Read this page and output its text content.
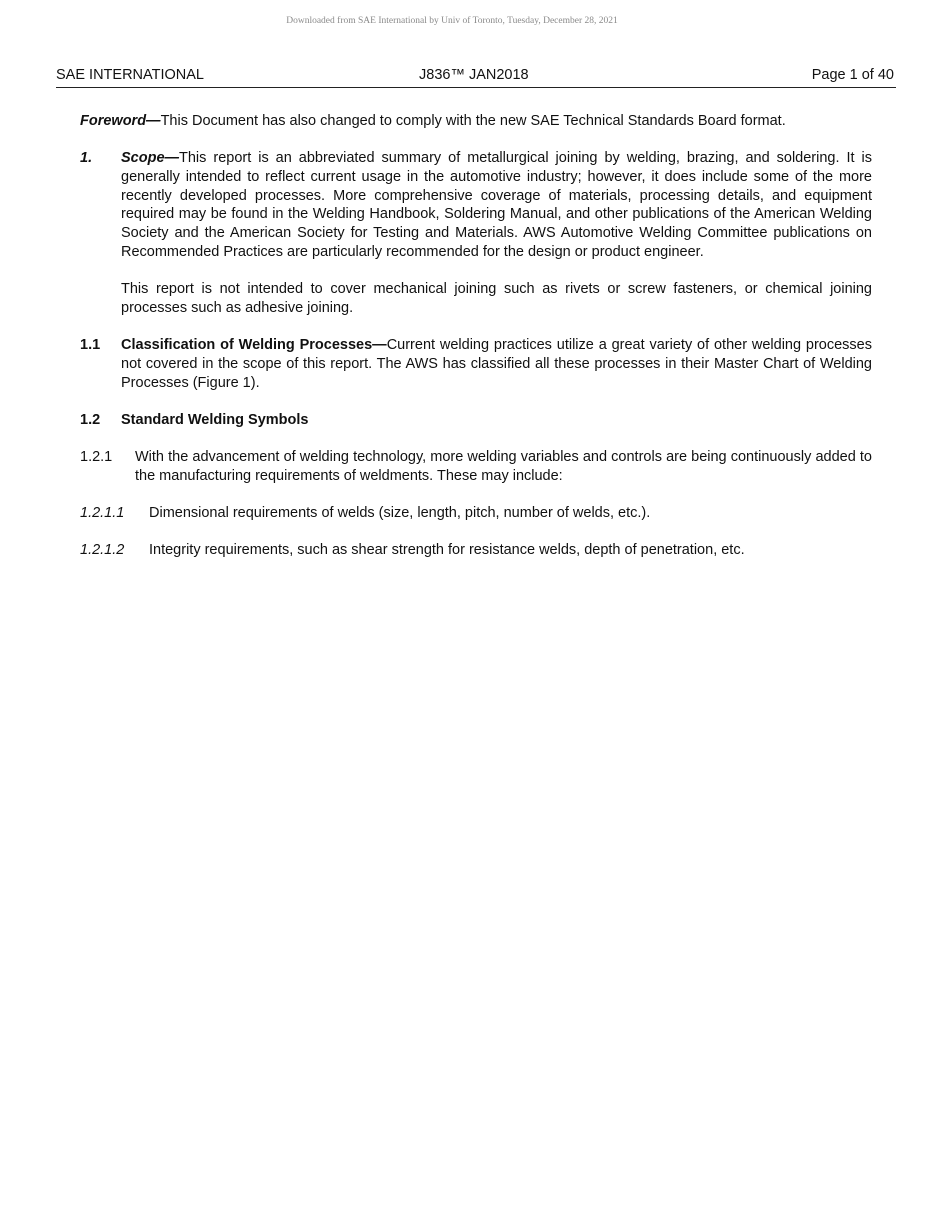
Downloaded from SAE International by Univ of Toronto, Tuesday, December 28, 2021
SAE INTERNATIONAL	J836™ JAN2018	Page 1 of 40

Foreword—This Document has also changed to comply with the new SAE Technical Standards Board format.

1.	Scope—This report is an abbreviated summary of metallurgical joining by welding, brazing, and soldering. It is generally intended to reflect current usage in the automotive industry; however, it does include some of the more recently developed processes. More comprehensive coverage of materials, processing details, and equipment required may be found in the Welding Handbook, Soldering Manual, and other publications of the American Welding Society and the American Society for Testing and Materials. AWS Automotive Welding Committee publications on Recommended Practices are particularly recommended for the design or product engineer.

This report is not intended to cover mechanical joining such as rivets or screw fasteners, or chemical joining processes such as adhesive joining.

1.1	Classification of Welding Processes—Current welding practices utilize a great variety of other welding processes not covered in the scope of this report. The AWS has classified all these processes in their Master Chart of Welding Processes (Figure 1).
1.2	Standard Welding Symbols
1.2.1	With the advancement of welding technology, more welding variables and controls are being continuously added to the manufacturing requirements of weldments. These may include:
1.2.1.1	Dimensional requirements of welds (size, length, pitch, number of welds, etc.).
1.2.1.2	Integrity requirements, such as shear strength for resistance welds, depth of penetration, etc.
